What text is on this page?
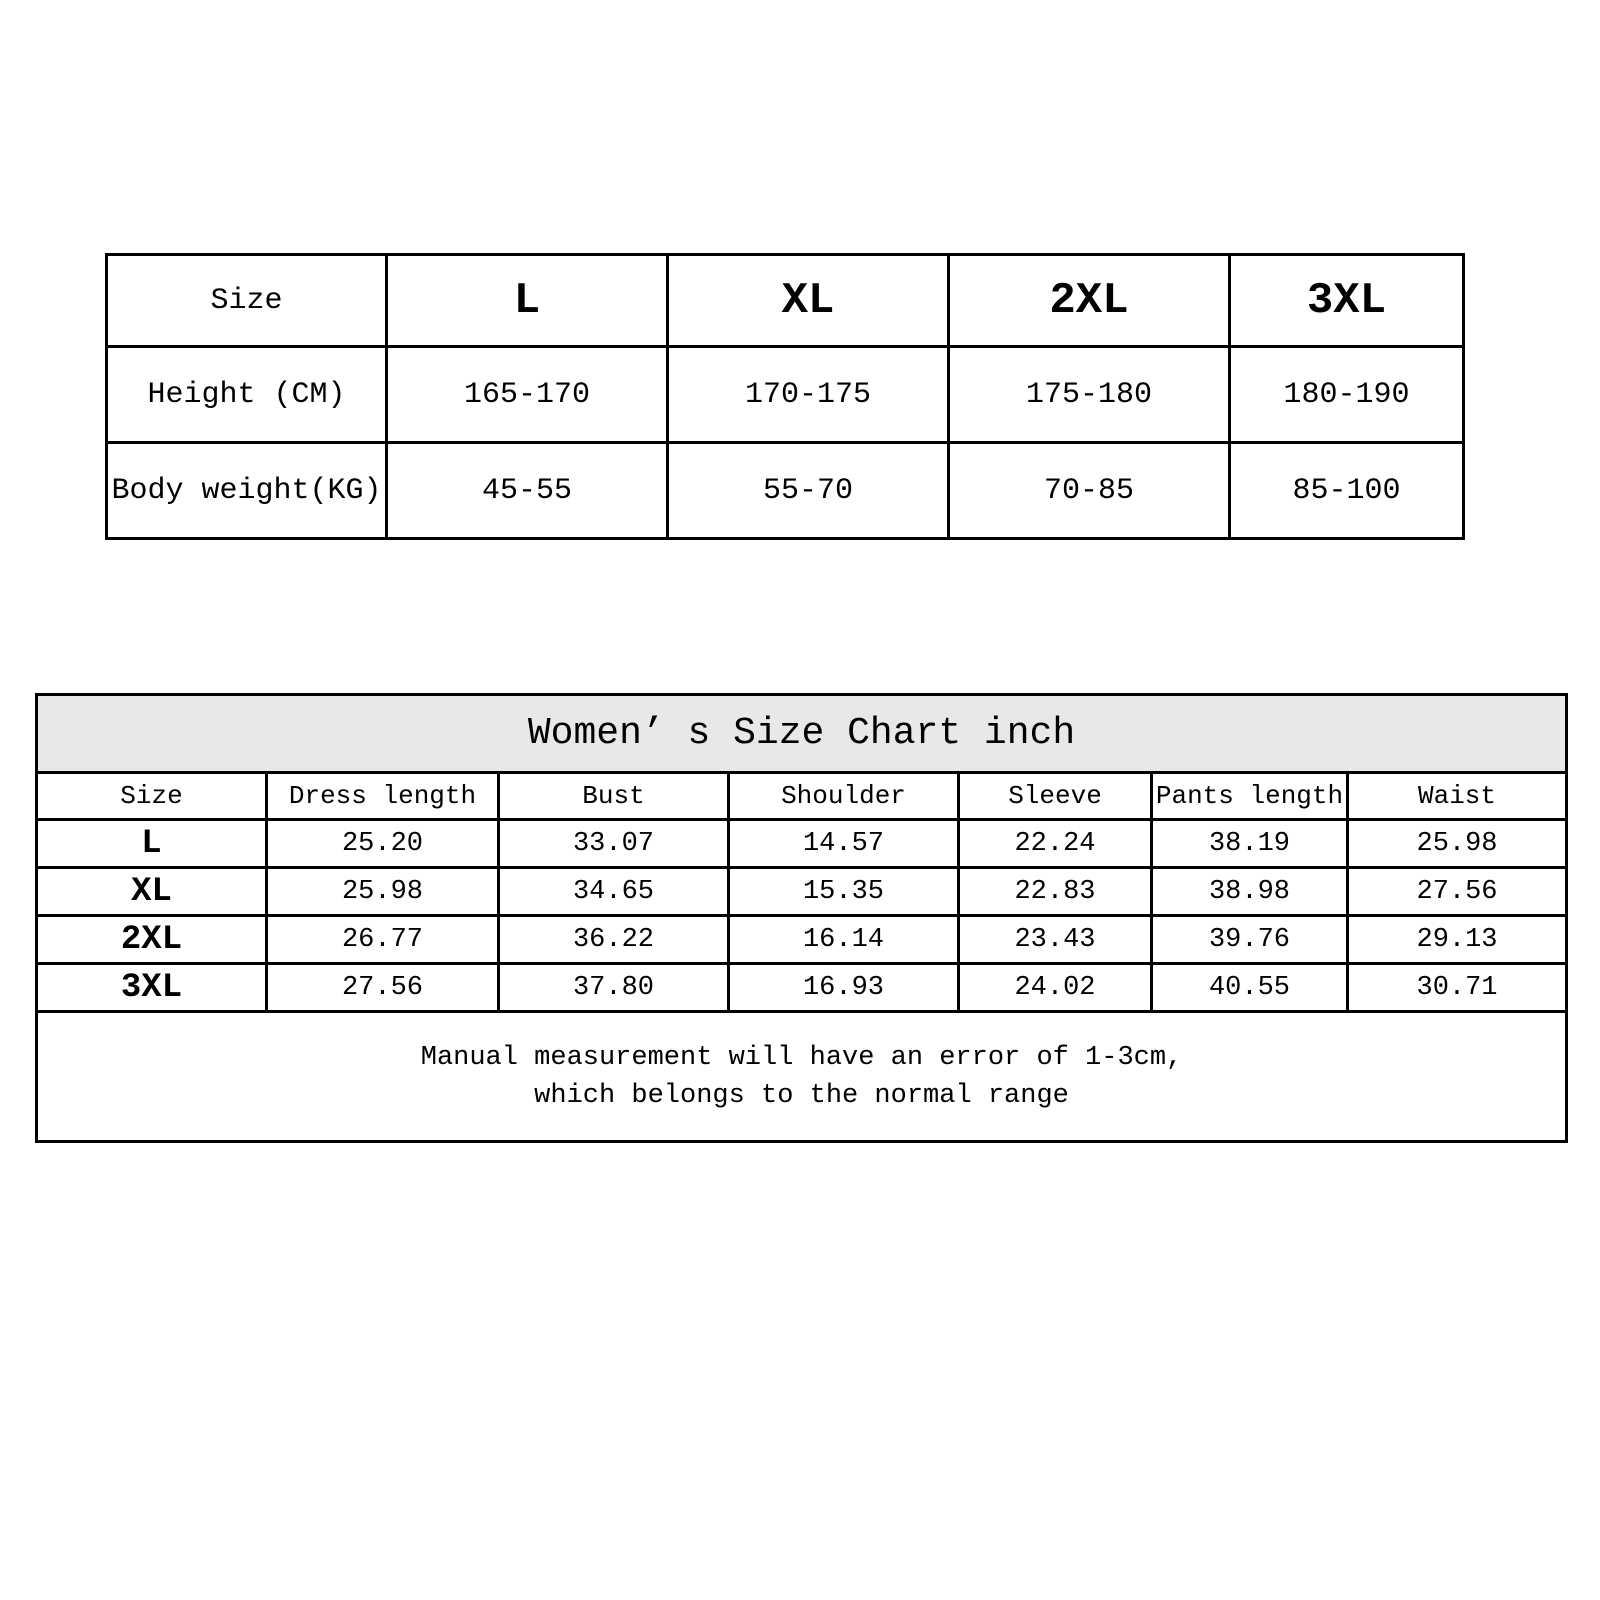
Size	L	XL	2XL	3XL
Height (CM)	165-170	170-175	175-180	180-190
Body weight(KG)	45-55	55-70	70-85	85-100
Women’ s Size Chart inch						
Size	Dress length	Bust	Shoulder	Sleeve	Pants length	Waist
L	25.20	33.07	14.57	22.24	38.19	25.98
XL	25.98	34.65	15.35	22.83	38.98	27.56
2XL	26.77	36.22	16.14	23.43	39.76	29.13
3XL	27.56	37.80	16.93	24.02	40.55	30.71

Manual measurement will have an error of 1-3cm,
which belongs to the normal range						
